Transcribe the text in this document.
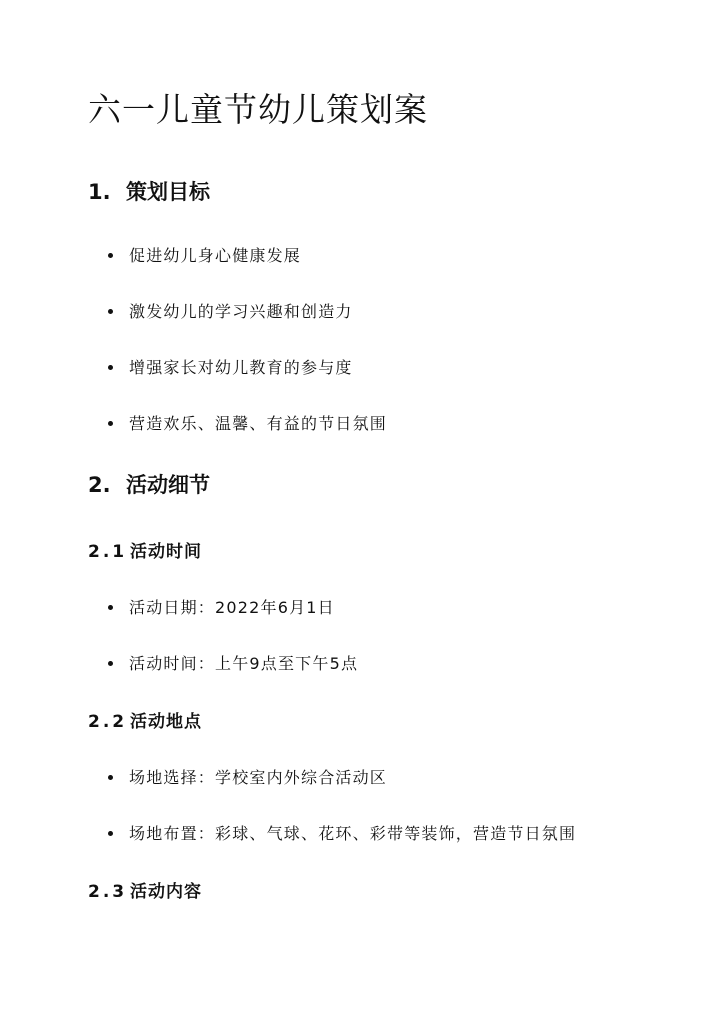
六一儿童节幼儿策划案
1. 策划目标
促进幼儿身心健康发展
激发幼儿的学习兴趣和创造力
增强家长对幼儿教育的参与度
营造欢乐、温馨、有益的节日氛围
2. 活动细节
2.1 活动时间
活动日期：2022年6月1日
活动时间：上午9点至下午5点
2.2 活动地点
场地选择：学校室内外综合活动区
场地布置：彩球、气球、花环、彩带等装饰，营造节日氛围
2.3 活动内容
